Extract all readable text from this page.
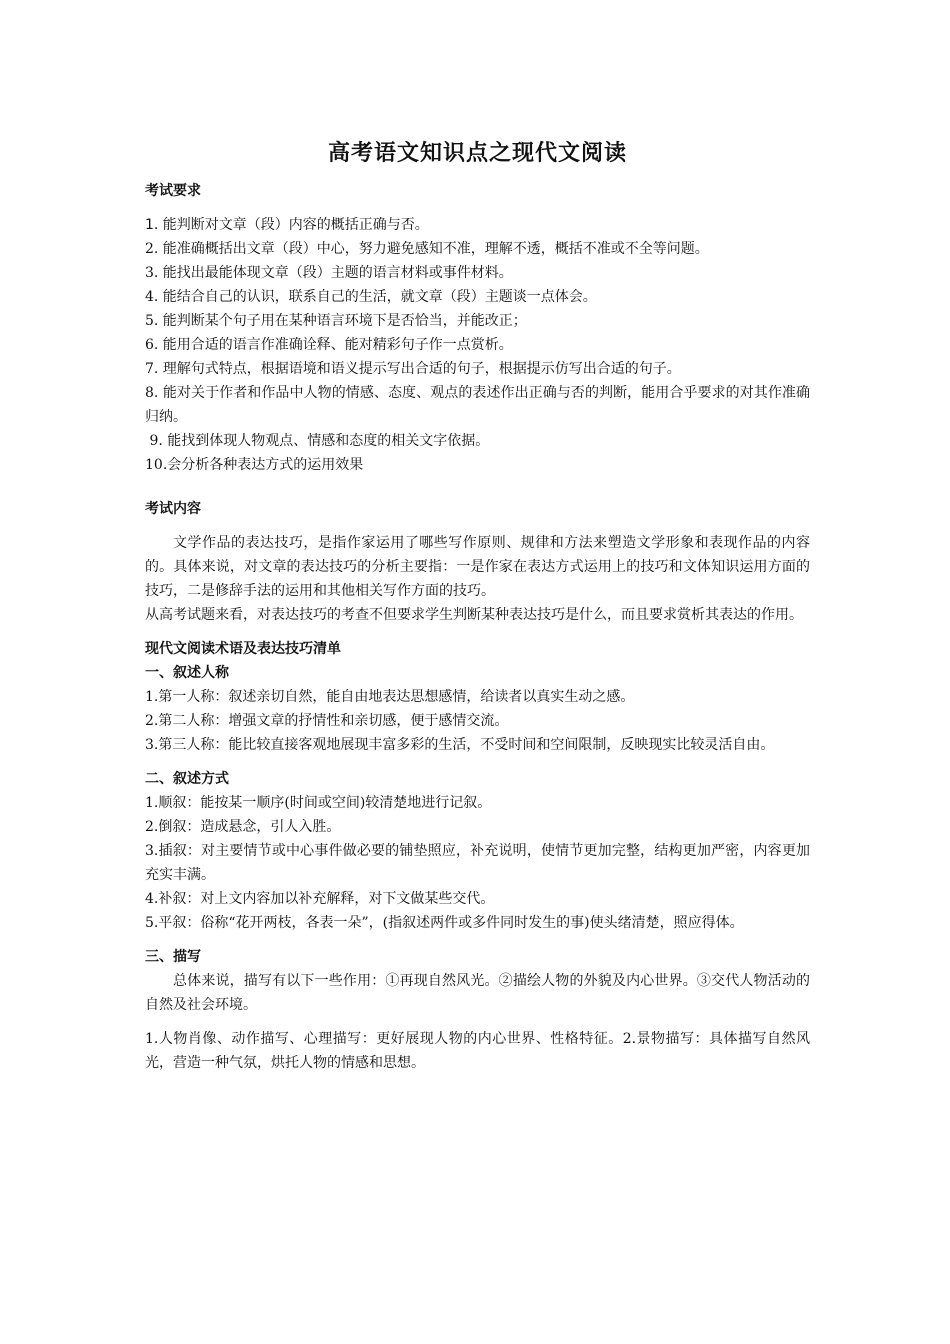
高考语文知识点之现代文阅读
考试要求

1. 能判断对文章（段）内容的概括正确与否。

2. 能准确概括出文章（段）中心，努力避免感知不准，理解不透，概括不准或不全等问题。

3. 能找出最能体现文章（段）主题的语言材料或事件材料。

4. 能结合自己的认识，联系自己的生活，就文章（段）主题谈一点体会。

5. 能判断某个句子用在某种语言环境下是否恰当，并能改正；

6. 能用合适的语言作准确诠释、能对精彩句子作一点赏析。

7. 理解句式特点，根据语境和语义提示写出合适的句子，根据提示仿写出合适的句子。

8. 能对关于作者和作品中人物的情感、态度、观点的表述作出正确与否的判断，能用合乎要求的对其作准确归纳。

9. 能找到体现人物观点、情感和态度的相关文字依据。

10.会分析各种表达方式的运用效果

考试内容

文学作品的表达技巧，是指作家运用了哪些写作原则、规律和方法来塑造文学形象和表现作品的内容的。具体来说，对文章的表达技巧的分析主要指：一是作家在表达方式运用上的技巧和文体知识运用方面的技巧，二是修辞手法的运用和其他相关写作方面的技巧。

从高考试题来看，对表达技巧的考查不但要求学生判断某种表达技巧是什么，而且要求赏析其表达的作用。

现代文阅读术语及表达技巧清单
一、叙述人称

1.第一人称：叙述亲切自然，能自由地表达思想感情，给读者以真实生动之感。

2.第二人称：增强文章的抒情性和亲切感，便于感情交流。

3.第三人称：能比较直接客观地展现丰富多彩的生活，不受时间和空间限制，反映现实比较灵活自由。

二、叙述方式

1.顺叙：能按某一顺序(时间或空间)较清楚地进行记叙。

2.倒叙：造成悬念，引人入胜。

3.插叙：对主要情节或中心事件做必要的铺垫照应，补充说明，使情节更加完整，结构更加严密，内容更加充实丰满。

4.补叙：对上文内容加以补充解释，对下文做某些交代。

5.平叙：俗称“花开两枝，各表一朵”，(指叙述两件或多件同时发生的事)使头绪清楚，照应得体。

三、描写

总体来说，描写有以下一些作用：①再现自然风光。②描绘人物的外貌及内心世界。③交代人物活动的自然及社会环境。

1.人物肖像、动作描写、心理描写：更好展现人物的内心世界、性格特征。2.景物描写：具体描写自然风光，营造一种气氛，烘托人物的情感和思想。
